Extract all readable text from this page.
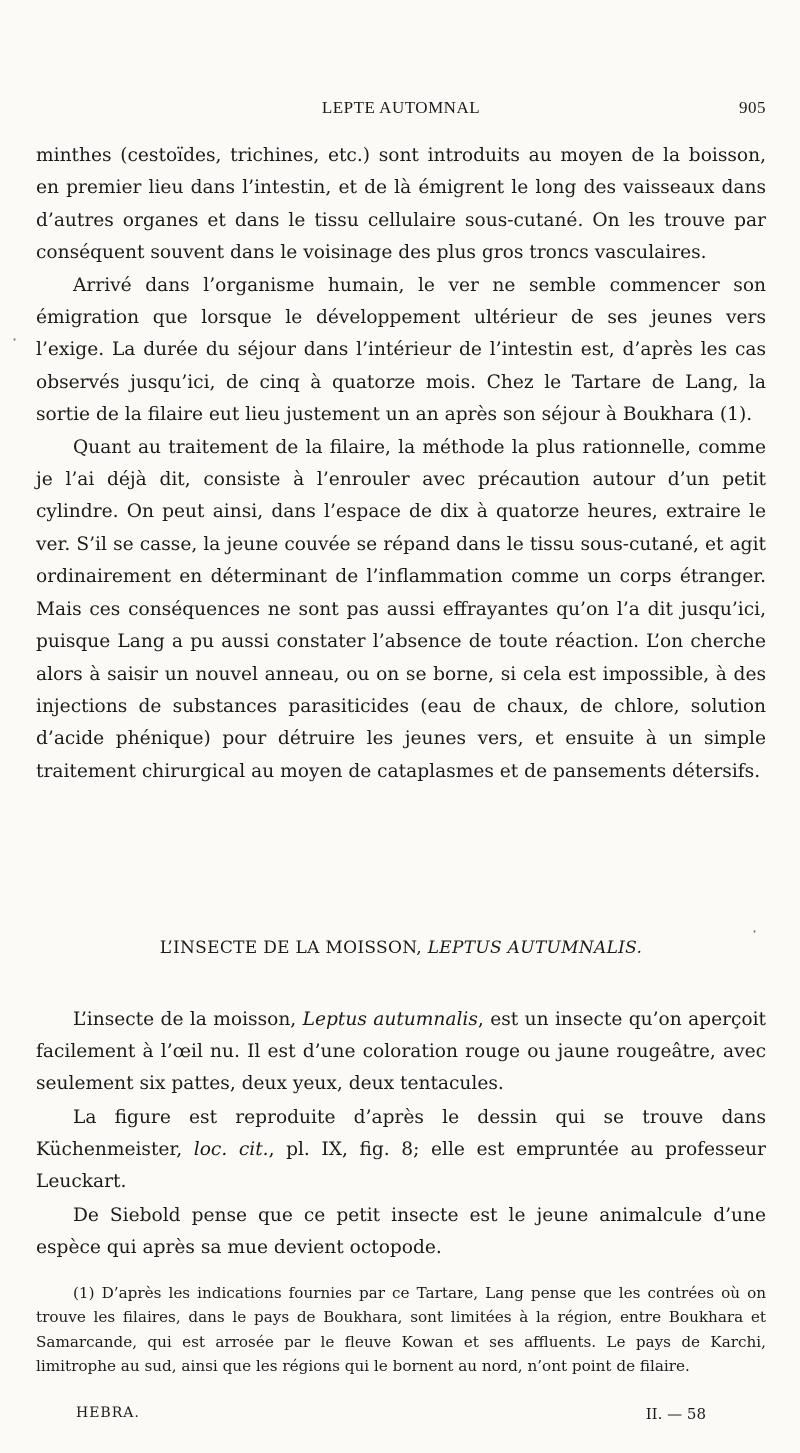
LEPTE AUTOMNAL	905

minthes (cestoïdes, trichines, etc.) sont introduits au moyen de la boisson, en premier lieu dans l’intestin, et de là émigrent le long des vaisseaux dans d’autres organes et dans le tissu cellulaire sous-cutané. On les trouve par conséquent souvent dans le voisinage des plus gros troncs vasculaires.

Arrivé dans l’organisme humain, le ver ne semble commencer son émigration que lorsque le développement ultérieur de ses jeunes vers l’exige. La durée du séjour dans l’intérieur de l’intestin est, d’après les cas observés jusqu’ici, de cinq à quatorze mois. Chez le Tartare de Lang, la sortie de la filaire eut lieu justement un an après son séjour à Boukhara (1).

Quant au traitement de la filaire, la méthode la plus rationnelle, comme je l’ai déjà dit, consiste à l’enrouler avec précaution autour d’un petit cylindre. On peut ainsi, dans l’espace de dix à quatorze heures, extraire le ver. S’il se casse, la jeune couvée se répand dans le tissu sous-cutané, et agit ordinairement en déterminant de l’inflammation comme un corps étranger. Mais ces conséquences ne sont pas aussi effrayantes qu’on l’a dit jusqu’ici, puisque Lang a pu aussi constater l’absence de toute réaction. L’on cherche alors à saisir un nouvel anneau, ou on se borne, si cela est impossible, à des injections de substances parasiticides (eau de chaux, de chlore, solution d’acide phénique) pour détruire les jeunes vers, et ensuite à un simple traitement chirurgical au moyen de cataplasmes et de pansements détersifs.

L’INSECTE DE LA MOISSON, LEPTUS AUTUMNALIS.

L’insecte de la moisson, Leptus autumnalis, est un insecte qu’on aperçoit facilement à l’œil nu. Il est d’une coloration rouge ou jaune rougeâtre, avec seulement six pattes, deux yeux, deux tentacules.

La figure est reproduite d’après le dessin qui se trouve dans Küchenmeister, loc. cit., pl. IX, fig. 8; elle est empruntée au professeur Leuckart.

De Siebold pense que ce petit insecte est le jeune animalcule d’une espèce qui après sa mue devient octopode.

(1) D’après les indications fournies par ce Tartare, Lang pense que les contrées où on trouve les filaires, dans le pays de Boukhara, sont limitées à la région, entre Boukhara et Samarcande, qui est arrosée par le fleuve Kowan et ses affluents. Le pays de Karchi, limitrophe au sud, ainsi que les régions qui le bornent au nord, n’ont point de filaire.

HEBRA.	II. — 58
·
·
